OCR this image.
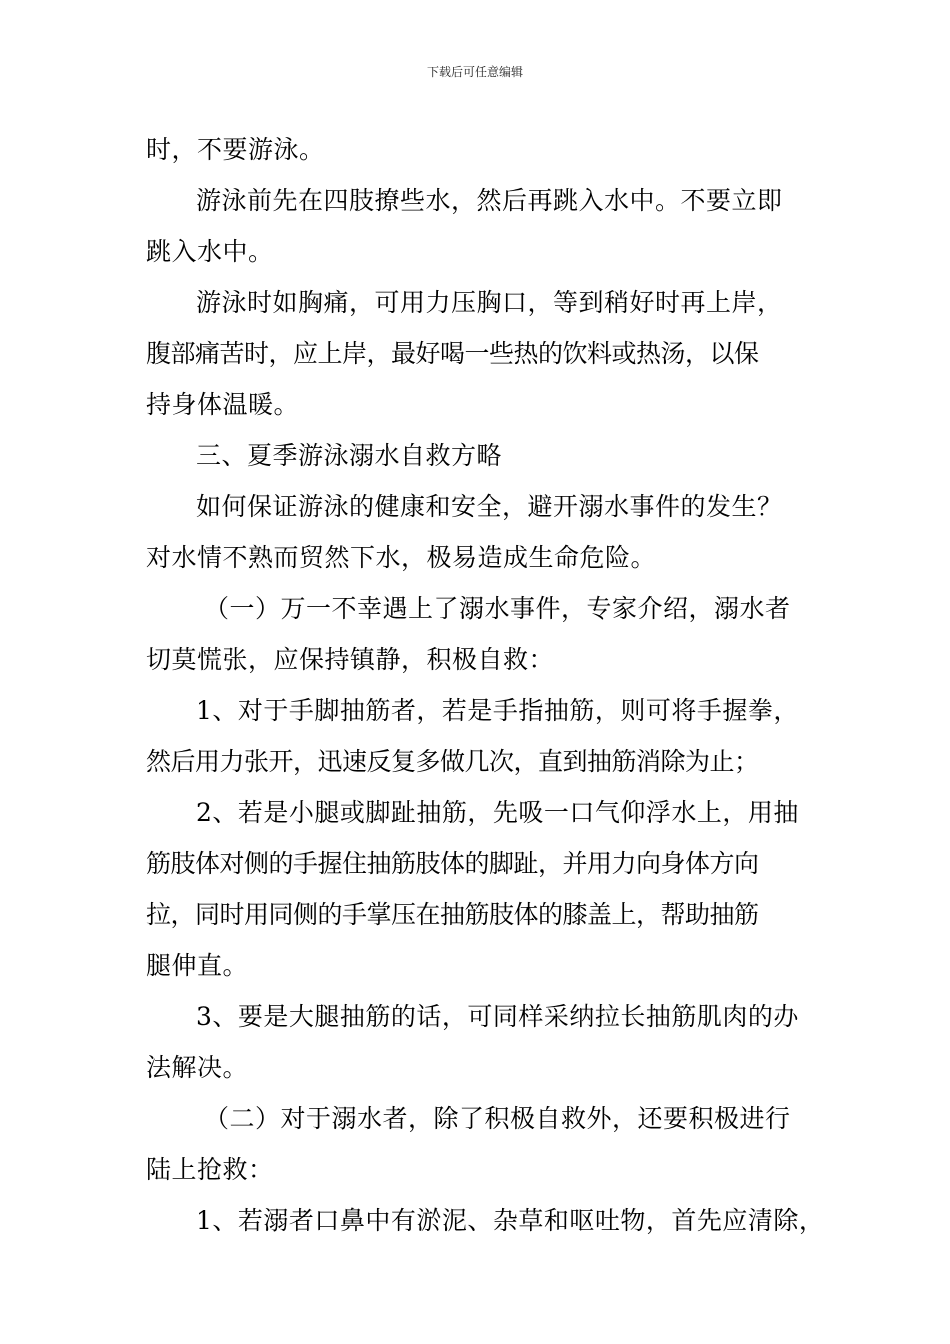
下载后可任意编辑
时，不要游泳。
游泳前先在四肢撩些水，然后再跳入水中。不要立即
跳入水中。
游泳时如胸痛，可用力压胸口，等到稍好时再上岸，
腹部痛苦时，应上岸，最好喝一些热的饮料或热汤，以保
持身体温暖。
三、夏季游泳溺水自救方略
如何保证游泳的健康和安全，避开溺水事件的发生？
对水情不熟而贸然下水，极易造成生命危险。
（一）万一不幸遇上了溺水事件，专家介绍，溺水者
切莫慌张，应保持镇静，积极自救：
1、对于手脚抽筋者，若是手指抽筋，则可将手握拳，
然后用力张开，迅速反复多做几次，直到抽筋消除为止；
2、若是小腿或脚趾抽筋，先吸一口气仰浮水上，用抽
筋肢体对侧的手握住抽筋肢体的脚趾，并用力向身体方向
拉，同时用同侧的手掌压在抽筋肢体的膝盖上，帮助抽筋
腿伸直。
3、要是大腿抽筋的话，可同样采纳拉长抽筋肌肉的办
法解决。
（二）对于溺水者，除了积极自救外，还要积极进行
陆上抢救：
1、若溺者口鼻中有淤泥、杂草和呕吐物，首先应清除，
